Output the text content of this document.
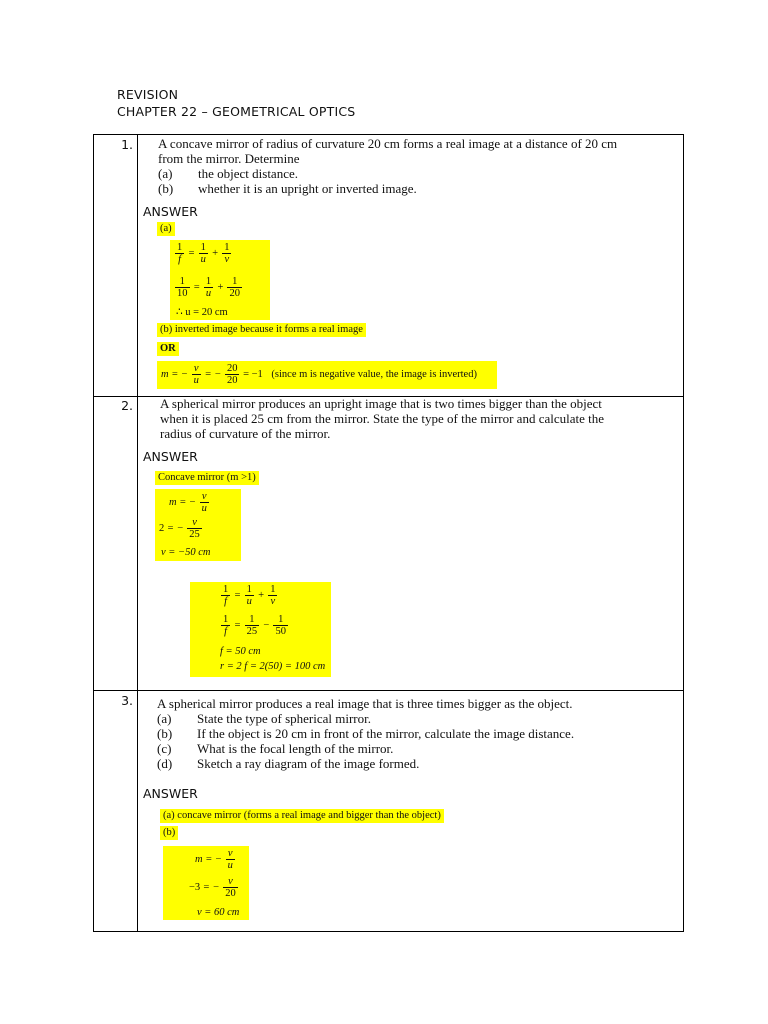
REVISION
CHAPTER 22 – GEOMETRICAL OPTICS
1. A concave mirror of radius of curvature 20 cm forms a real image at a distance of 20 cm
from the mirror. Determine
(a)	the object distance.
(b)	whether it is an upright or inverted image.
ANSWER
(a)
$\frac{1}{f} = \frac{1}{u} + \frac{1}{v}$
$\frac{1}{10} = \frac{1}{u} + \frac{1}{20}$
∴ u = 20 cm
(b) inverted image because it forms a real image
OR
m = − $\frac{v}{u}$ = − $\frac{20}{20} = -1$ (since m is negative value, the image is inverted)
2. A spherical mirror produces an upright image that is two times bigger than the object
when it is placed 25 cm from the mirror. State the type of the mirror and calculate the
radius of curvature of the mirror.
ANSWER
Concave mirror (m >1)
m = − $\frac{v}{u}$
2 = − $\frac{v}{25}$
v = −50 cm
$\frac{1}{f} = \frac{1}{u} + \frac{1}{v}$
$\frac{1}{f} = \frac{1}{25} - \frac{1}{50}$
f = 50 cm
r = 2 f = 2(50) = 100 cm
3. A spherical mirror produces a real image that is three times bigger as the object.
(a)	State the type of spherical mirror.
(b)	If the object is 20 cm in front of the mirror, calculate the image distance.
(c)	What is the focal length of the mirror.
(d)	Sketch a ray diagram of the image formed.
ANSWER
(a) concave mirror (forms a real image and bigger than the object)
(b)
m = − $\frac{v}{u}$
−3 = − $\frac{v}{20}$
v = 60 cm
